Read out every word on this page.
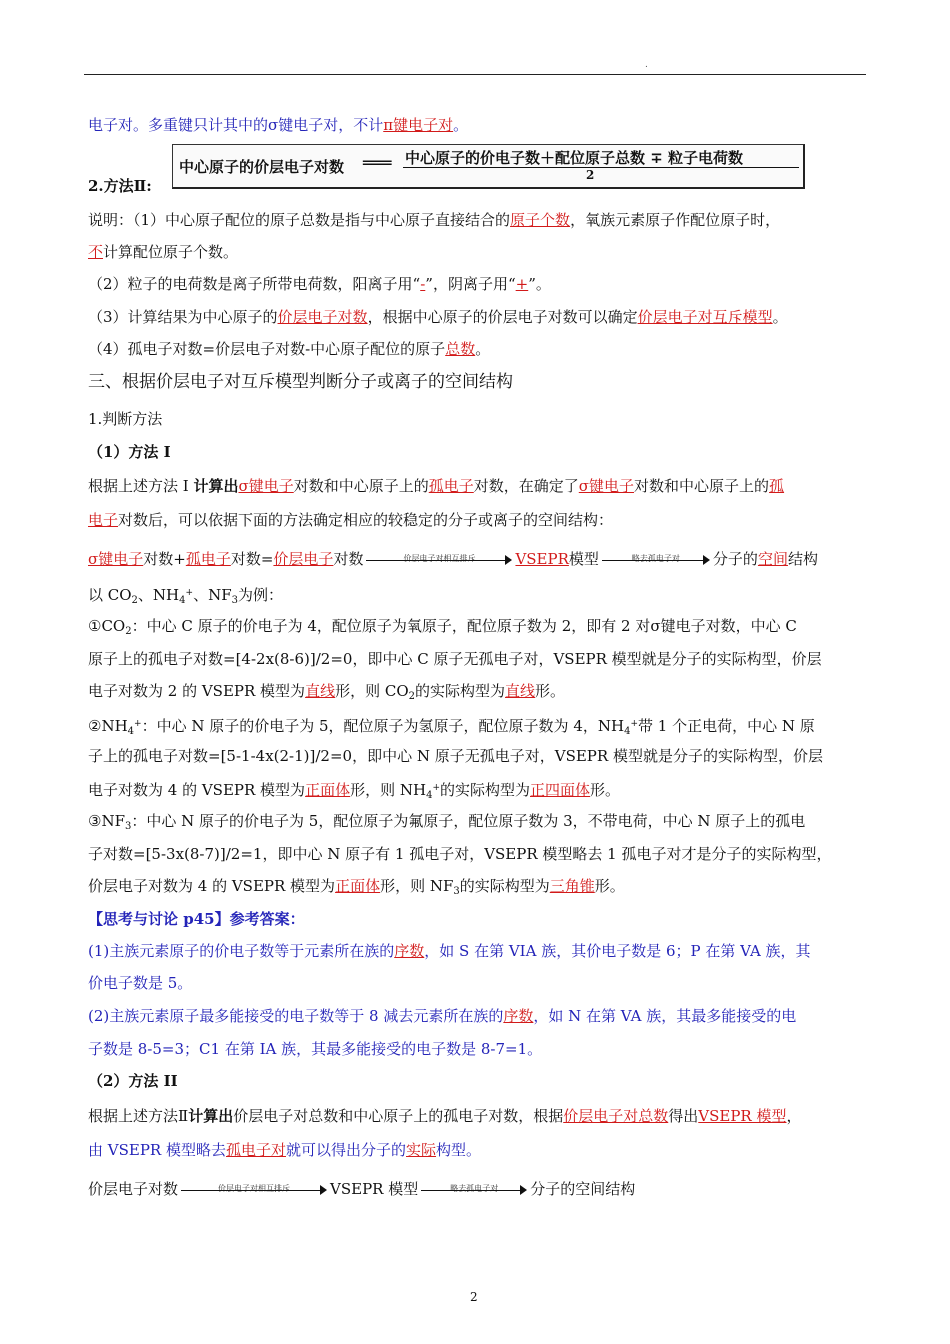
.
电子对。多重键只计其中的σ键电子对，不计π键电子对。
2.方法Ⅱ:
中心原子的价层电子对数 ═══ 中心原子的价电子数＋配位原子总数 ∓ 粒子电荷数
2
说明：（1）中心原子配位的原子总数是指与中心原子直接结合的原子个数，氧族元素原子作配位原子时，
不计算配位原子个数。
（2）粒子的电荷数是离子所带电荷数，阳离子用“-”，阴离子用“+”。
（3）计算结果为中心原子的价层电子对数，根据中心原子的价层电子对数可以确定价层电子对互斥模型。
（4）孤电子对数=价层电子对数-中心原子配位的原子总数。
三、根据价层电子对互斥模型判断分子或离子的空间结构
1.判断方法
（1）方法 I
根据上述方法 I 计算出σ键电子对数和中心原子上的孤电子对数，在确定了σ键电子对数和中心原子上的孤
电子对数后，可以依据下面的方法确定相应的较稳定的分子或离子的空间结构：
σ键电子对数+孤电子对数=价层电子对数	价层电子对相互排斥	VSEPR模型	略去孤电子对	分子的空间结构
以 $CO_2$、$NH_4^+$、$NF_3$为例：
$①CO_2$：中心 C 原子的价电子为 4，配位原子为氧原子，配位原子数为 2，即有 2 对σ键电子对数，中心 C
原子上的孤电子对数=[4-2x(8-6)]/2=0，即中心 C 原子无孤电子对，VSEPR 模型就是分子的实际构型，价层
电子对数为 2 的 VSEPR 模型为直线形，则 $CO_2$的实际构型为直线形。
$②NH_4^+$：中心 N 原子的价电子为 5，配位原子为氢原子，配位原子数为 4，$NH_4^+$带 1 个正电荷，中心 N 原
子上的孤电子对数=[5-1-4x(2-1)]/2=0，即中心 N 原子无孤电子对，VSEPR 模型就是分子的实际构型，价层
电子对数为 4 的 VSEPR 模型为正面体形，则 $NH_4^+$的实际构型为正四面体形。
$③NF_3$：中心 N 原子的价电子为 5，配位原子为氟原子，配位原子数为 3，不带电荷，中心 N 原子上的孤电
子对数=[5-3x(8-7)]/2=1，即中心 N 原子有 1 孤电子对，VSEPR 模型略去 1 孤电子对才是分子的实际构型，
价层电子对数为 4 的 VSEPR 模型为正面体形，则 $NF_3$的实际构型为三角锥形。
【思考与讨论 p45】参考答案：
(1)主族元素原子的价电子数等于元素所在族的序数，如 S 在第 VIA 族，其价电子数是 6；P 在第 VA 族，其
价电子数是 5。
(2)主族元素原子最多能接受的电子数等于 8 减去元素所在族的序数，如 N 在第 VA 族，其最多能接受的电
子数是 8-5=3；C1 在第 IA 族，其最多能接受的电子数是 8-7=1。
（2）方法 II
根据上述方法Ⅱ计算出价层电子对总数和中心原子上的孤电子对数，根据价层电子对总数得出VSEPR 模型，
由 VSEPR 模型略去孤电子对就可以得出分子的实际构型。
价层电子对数	价层电子对相互排斥	VSEPR 模型	略去孤电子对	分子的空间结构
2
